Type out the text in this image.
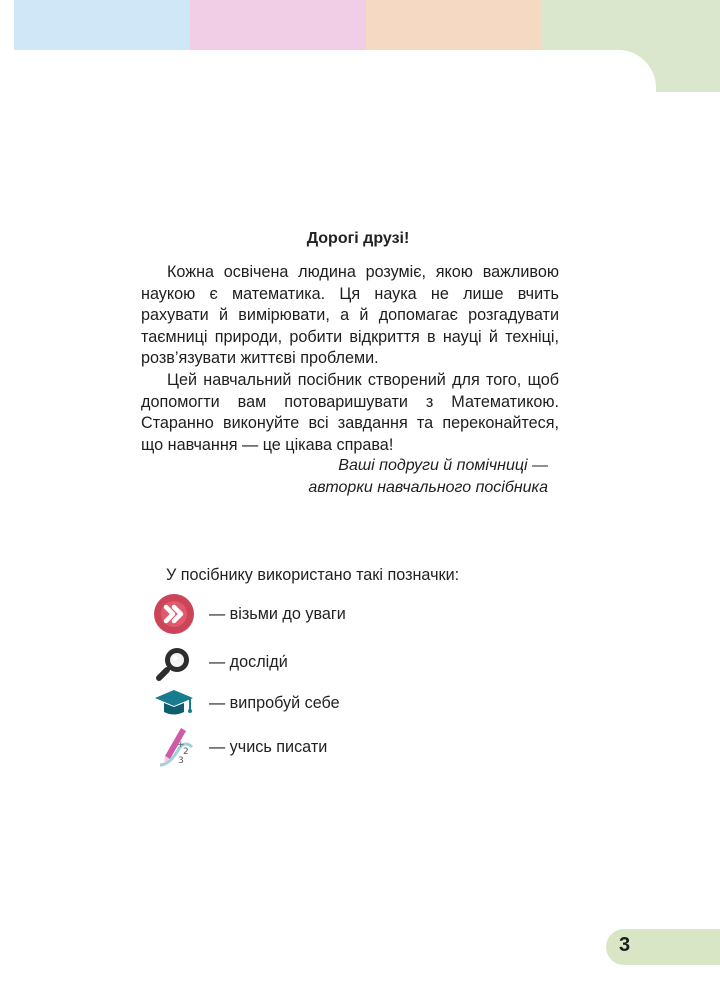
Дорогі друзі!
Кожна освічена людина розуміє, якою важливою наукою є математика. Ця наука не лише вчить рахувати й вимірювати, а й допомагає розгадувати таємниці природи, робити відкриття в науці й техніці, розв’язувати життєві проблеми.
Цей навчальний посібник створений для того, щоб допомогти вам потоваришувати з Математикою. Старанно виконуйте всі завдання та переконайтеся, що навчання — це цікава справа!
Ваші подруги й помічниці —
авторки навчального посібника
У посібнику використано такі позначки:
— візьми до уваги
— досліди́
— випробуй себе
+
2
3
— учись писати
3
